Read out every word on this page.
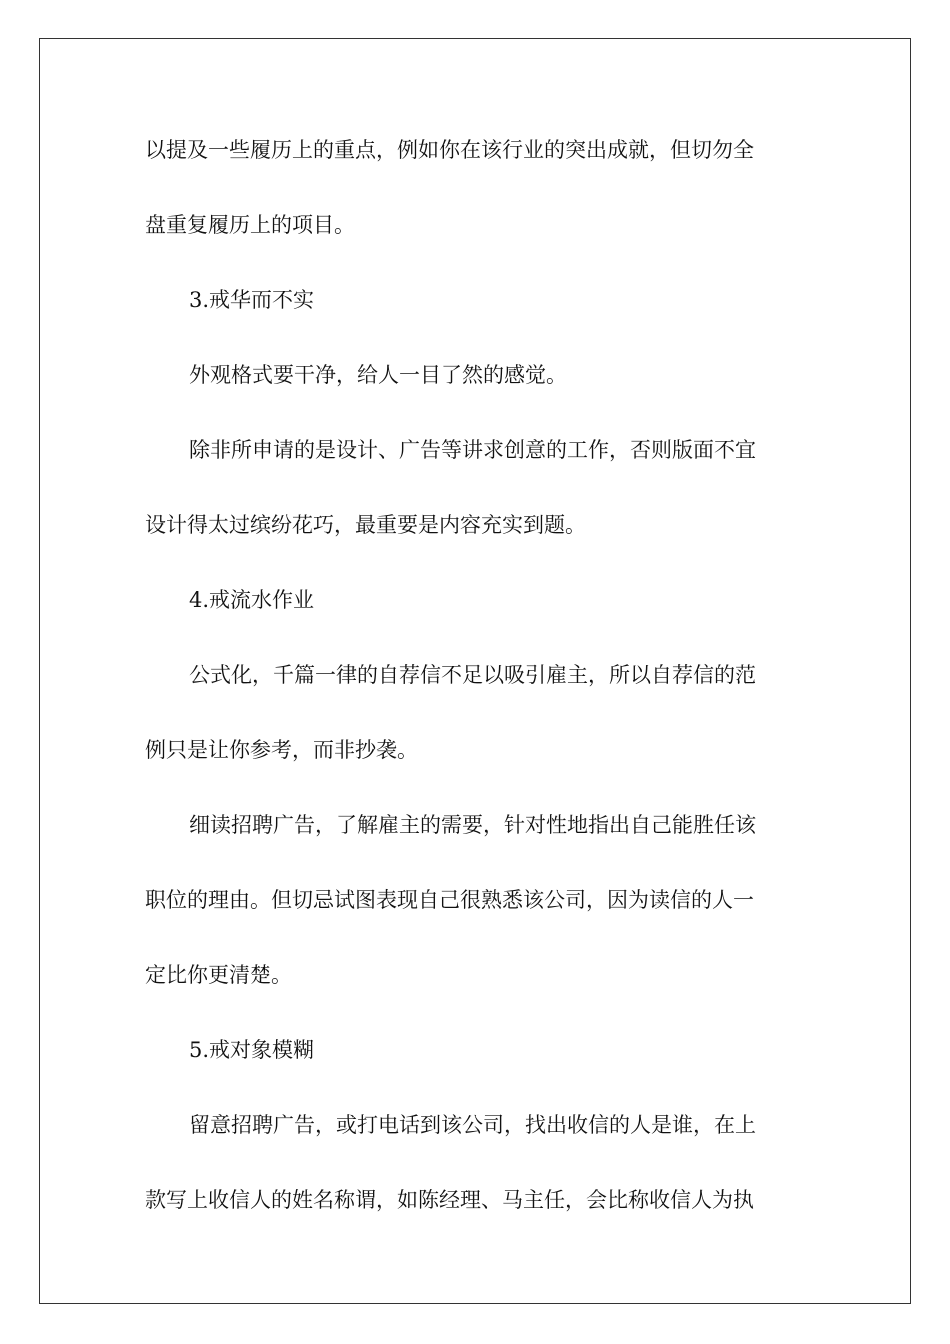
以提及一些履历上的重点，例如你在该行业的突出成就，但切勿全
盘重复履历上的项目。
3.戒华而不实
外观格式要干净，给人一目了然的感觉。
除非所申请的是设计、广告等讲求创意的工作，否则版面不宜
设计得太过缤纷花巧，最重要是内容充实到题。
4.戒流水作业
公式化，千篇一律的自荐信不足以吸引雇主，所以自荐信的范
例只是让你参考，而非抄袭。
细读招聘广告，了解雇主的需要，针对性地指出自己能胜任该
职位的理由。但切忌试图表现自己很熟悉该公司，因为读信的人一
定比你更清楚。
5.戒对象模糊
留意招聘广告，或打电话到该公司，找出收信的人是谁，在上
款写上收信人的姓名称谓，如陈经理、马主任，会比称收信人为执
